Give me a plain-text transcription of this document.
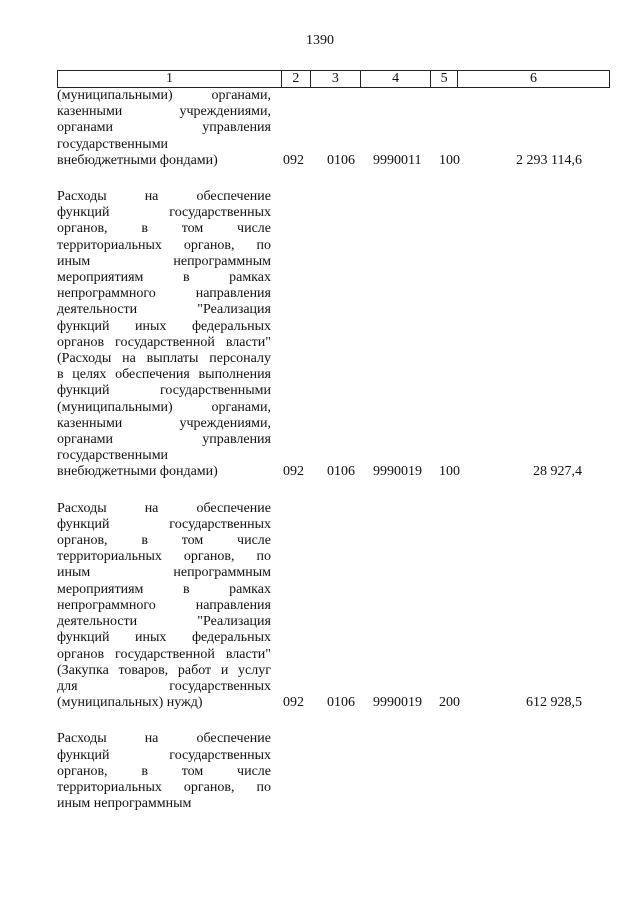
1390
1	2	3	4	5	6
(муниципальными) органами,
казенными учреждениями,
органами управления
государственными
внебюджетными фондами)	092 0106 9990011 100	2 293 114,6
Расходы на обеспечение
функций государственных
органов, в том числе
территориальных органов, по
иным непрограммным
мероприятиям в рамках
непрограммного направления
деятельности "Реализация
функций иных федеральных
органов государственной власти"
(Расходы на выплаты персоналу
в целях обеспечения выполнения
функций государственными
(муниципальными) органами,
казенными учреждениями,
органами управления
государственными
внебюджетными фондами)	092 0106 9990019 100	28 927,4
Расходы на обеспечение
функций государственных
органов, в том числе
территориальных органов, по
иным непрограммным
мероприятиям в рамках
непрограммного направления
деятельности "Реализация
функций иных федеральных
органов государственной власти"
(Закупка товаров, работ и услуг
для государственных
(муниципальных) нужд)	092 0106 9990019 200	612 928,5
Расходы на обеспечение
функций государственных
органов, в том числе
территориальных органов, по
иным непрограммным
